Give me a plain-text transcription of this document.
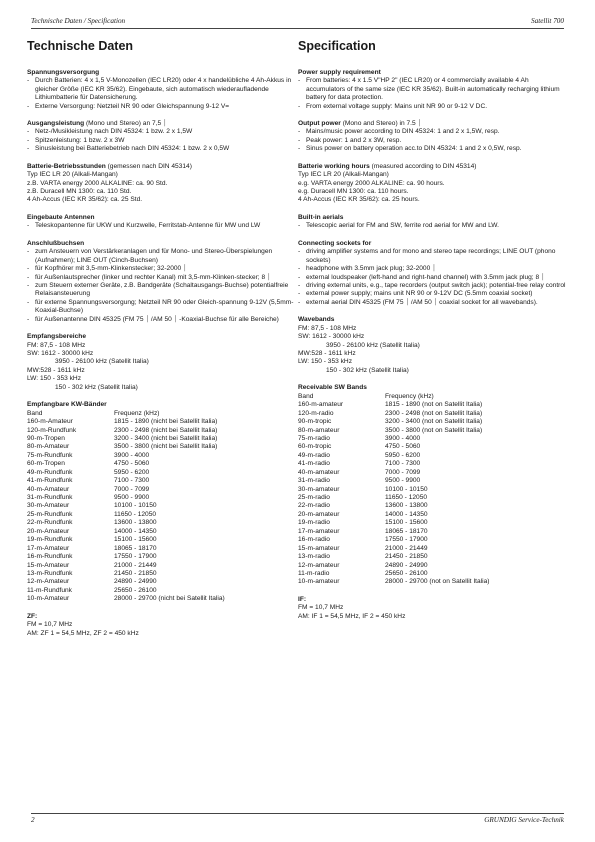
Technische Daten / Specification	Satellit 700
Technische Daten
Spannungsversorgung
- Durch Batterien: 4 x 1,5 V-Monozellen (IEC LR20) oder 4 x handelübliche 4 Ah-Akkus in gleicher Größe (IEC KR 35/62). Eingebaute, sich automatisch wiederaufladende Lithiumbatterie für Datensicherung.
- Externe Versorgung: Netzteil NR 90 oder Gleichspannung 9-12 V=
Ausgangsleistung (Mono und Stereo) an 7,5 ⏐
- Netz-/Musikleistung nach DIN 45324: 1 bzw. 2 x 1,5W
- Spitzenleistung: 1 bzw. 2 x 3W
- Sinusleistung bei Batteriebetrieb nach DIN 45324: 1 bzw. 2 x 0,5W
Batterie-Betriebsstunden (gemessen nach DIN 45314)
Typ IEC LR 20 (Alkali-Mangan)
z.B. VARTA energy 2000 ALKALINE: ca. 90 Std.
z.B. Duracell MN 1300: ca. 110 Std.
4 Ah-Accus (IEC KR 35/62): ca. 25 Std.
Eingebaute Antennen
- Teleskopantenne für UKW und Kurzwelle, Ferritstab-Antenne für MW und LW
Anschlußbuchsen
- zum Ansteuern von Verstärkeranlagen und für Mono- und Stereo-Überspielungen (Aufnahmen); LINE OUT (Cinch-Buchsen)
- für Kopfhörer mit 3,5-mm-Klinkenstecker; 32-2000 ⏐
- für Außenlautsprecher (linker und rechter Kanal) mit 3,5-mm-Klinken-stecker; 8 ⏐
- zum Steuern externer Geräte, z.B. Bandgeräte (Schaltausgangs-Buchse) potentialfreie Relaisansteuerung
- für externe Spannungsversorgung; Netzteil NR 90 oder Gleich-spannung 9-12V (5,5mm-Koaxial-Buchse)
- für Außenantenne DIN 45325 (FM 75 ⏐ /AM 50 ⏐ -Koaxial-Buchse für alle Bereiche)
Empfangsbereiche
FM: 87,5 - 108 MHz
SW: 1612 - 30000 kHz
3950 - 26100 kHz (Satellit Italia)
MW:528 - 1611 kHz
LW: 150 - 353 kHz
150 - 302 kHz (Satellit Italia)
Empfangbare KW-Bänder
Band	Frequenz (kHz)
160-m-Amateur	1815 - 1890 (nicht bei Satellit Italia)
120-m-Rundfunk	2300 - 2498 (nicht bei Satellit Italia)
90-m-Tropen	3200 - 3400 (nicht bei Satellit Italia)
80-m-Amateur	3500 - 3800 (nicht bei Satellit Italia)
75-m-Rundfunk	3900 - 4000
60-m-Tropen	4750 - 5060
49-m-Rundfunk	5950 - 6200
41-m-Rundfunk	7100 - 7300
40-m-Amateur	7000 - 7099
31-m-Rundfunk	9500 - 9900
30-m-Amateur	10100 - 10150
25-m-Rundfunk	11650 - 12050
22-m-Rundfunk	13600 - 13800
20-m-Amateur	14000 - 14350
19-m-Rundfunk	15100 - 15600
17-m-Amateur	18065 - 18170
16-m-Rundfunk	17550 - 17900
15-m-Amateur	21000 - 21449
13-m-Rundfunk	21450 - 21850
12-m-Amateur	24890 - 24990
11-m-Rundfunk	25650 - 26100
10-m-Amateur	28000 - 29700 (nicht bei Satellit Italia)
ZF:
FM = 10,7 MHz
AM: ZF 1 = 54,5 MHz, ZF 2 = 450 kHz
Specification
Power supply requirement
- From batteries: 4 x 1.5 V"HP 2" (IEC LR20) or 4 commercially available 4 Ah accumulators of the same size (IEC KR 35/62). Built-in automatically recharging lithium battery for data protection.
- From external voltage supply: Mains unit NR 90 or 9-12 V DC.
Output power (Mono and Stereo) in 7.5 ⏐
- Mains/music power according to DIN 45324: 1 and 2 x 1,5W, resp.
- Peak power: 1 and 2 x 3W, resp.
- Sinus power on battery operation acc.to DIN 45324: 1 and 2 x 0,5W, resp.
Batterie working hours (measured according to DIN 45314)
Typ IEC LR 20 (Alkali-Mangan)
e.g. VARTA energy 2000 ALKALINE: ca. 90 hours.
e.g. Duracell MN 1300: ca. 110 hours.
4 Ah-Accus (IEC KR 35/62): ca. 25 hours.
Built-in aerials
- Telescopic aerial for FM and SW, ferrite rod aerial for MW and LW.
Connecting sockets for
- driving amplifier systems and for mono and stereo tape recordings; LINE OUT (phono sockets)
- headphone with 3.5mm jack plug; 32-2000 ⏐
- external loudspeaker (left-hand and right-hand channel) with 3.5mm jack plug; 8 ⏐
- driving external units, e.g., tape recorders (output switch jack); potential-free relay control
- external power supply; mains unit NR 90 or 9-12V DC (5.5mm coaxial socket)
- external aerial DIN 45325 (FM 75 ⏐ /AM 50 ⏐ coaxial socket for all wavebands).
Wavebands
FM: 87,5 - 108 MHz
SW: 1612 - 30000 kHz
3950 - 26100 kHz (Satellit Italia)
MW:528 - 1611 kHz
LW: 150 - 353 kHz
150 - 302 kHz (Satellit Italia)
Receivable SW Bands
Band	Frequency (kHz)
160-m-amateur	1815 - 1890 (not on Satellit Italia)
120-m-radio	2300 - 2498 (not on Satellit Italia)
90-m-tropic	3200 - 3400 (not on Satellit Italia)
80-m-amateur	3500 - 3800 (not on Satellit Italia)
75-m-radio	3900 - 4000
60-m-tropic	4750 - 5060
49-m-radio	5950 - 6200
41-m-radio	7100 - 7300
40-m-amateur	7000 - 7099
31-m-radio	9500 - 9900
30-m-amateur	10100 - 10150
25-m-radio	11650 - 12050
22-m-radio	13600 - 13800
20-m-amateur	14000 - 14350
19-m-radio	15100 - 15600
17-m-amateur	18065 - 18170
16-m-radio	17550 - 17900
15-m-amateur	21000 - 21449
13-m-radio	21450 - 21850
12-m-amateur	24890 - 24990
11-m-radio	25650 - 26100
10-m-amateur	28000 - 29700 (not on Satellit Italia)
IF:
FM = 10,7 MHz
AM: IF 1 = 54,5 MHz, IF 2 = 450 kHz
2	GRUNDIG Service-Technik
